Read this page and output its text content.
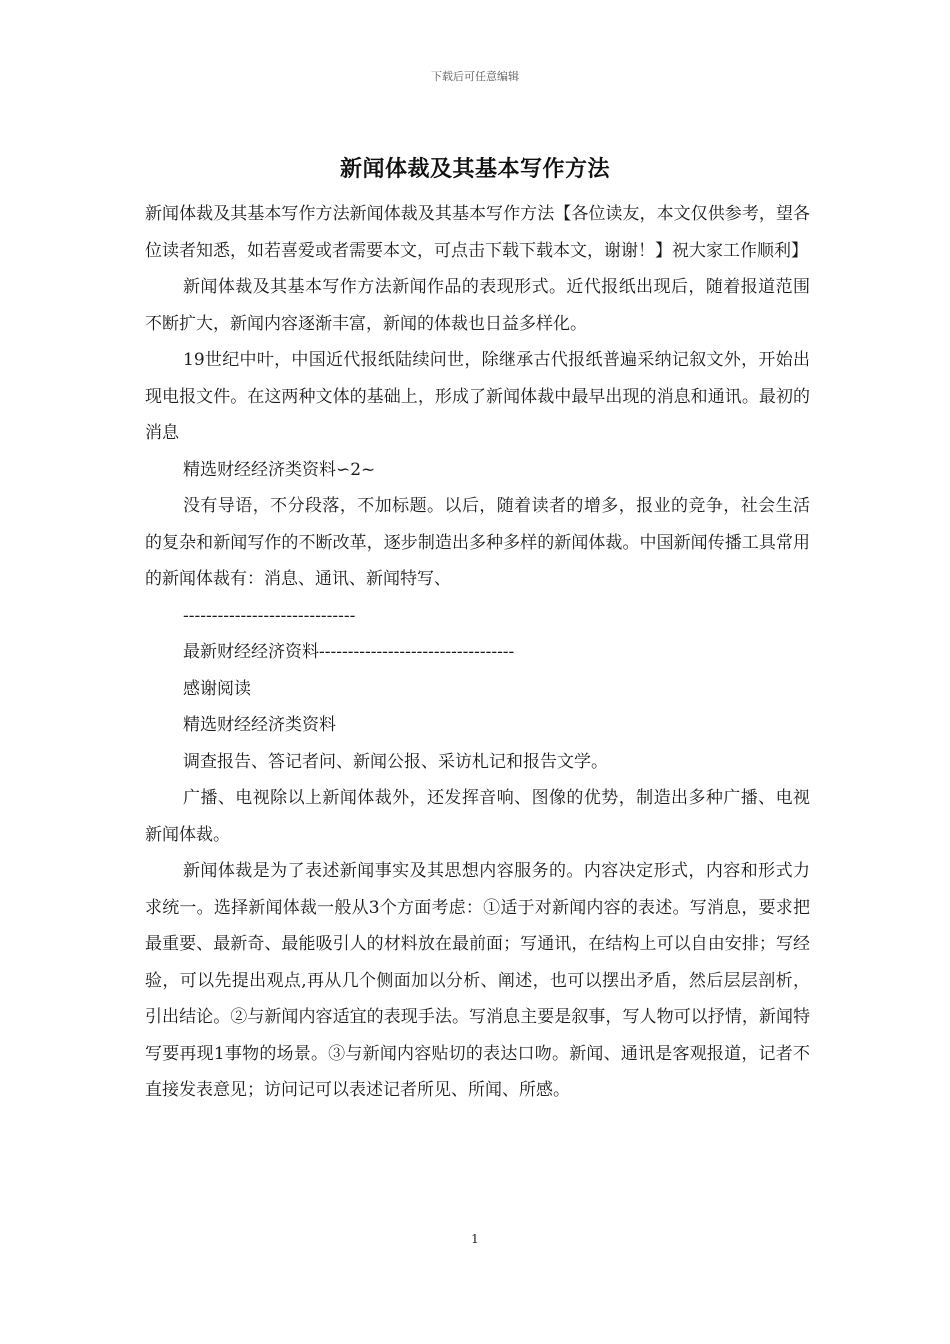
下载后可任意编辑
新闻体裁及其基本写作方法

新闻体裁及其基本写作方法新闻体裁及其基本写作方法【各位读友，本文仅供参考，望各位读者知悉，如若喜爱或者需要本文，可点击下载下载本文，谢谢！】祝大家工作顺利】

新闻体裁及其基本写作方法新闻作品的表现形式。近代报纸出现后，随着报道范围不断扩大，新闻内容逐渐丰富，新闻的体裁也日益多样化。

19世纪中叶，中国近代报纸陆续问世，除继承古代报纸普遍采纳记叙文外，开始出现电报文件。在这两种文体的基础上，形成了新闻体裁中最早出现的消息和通讯。最初的消息

精选财经经济类资料∽2~

没有导语，不分段落，不加标题。以后，随着读者的增多，报业的竞争，社会生活的复杂和新闻写作的不断改革，逐步制造出多种多样的新闻体裁。中国新闻传播工具常用的新闻体裁有：消息、通讯、新闻特写、

------------------------------

最新财经经济资料----------------------------------

感谢阅读

精选财经经济类资料

调查报告、答记者问、新闻公报、采访札记和报告文学。

广播、电视除以上新闻体裁外，还发挥音响、图像的优势，制造出多种广播、电视新闻体裁。

新闻体裁是为了表述新闻事实及其思想内容服务的。内容决定形式，内容和形式力求统一。选择新闻体裁一般从3个方面考虑：①适于对新闻内容的表述。写消息，要求把最重要、最新奇、最能吸引人的材料放在最前面；写通讯，在结构上可以自由安排；写经验，可以先提出观点,再从几个侧面加以分析、阐述，也可以摆出矛盾，然后层层剖析，引出结论。②与新闻内容适宜的表现手法。写消息主要是叙事，写人物可以抒情，新闻特写要再现1事物的场景。③与新闻内容贴切的表达口吻。新闻、通讯是客观报道，记者不直接发表意见；访问记可以表述记者所见、所闻、所感。

1
